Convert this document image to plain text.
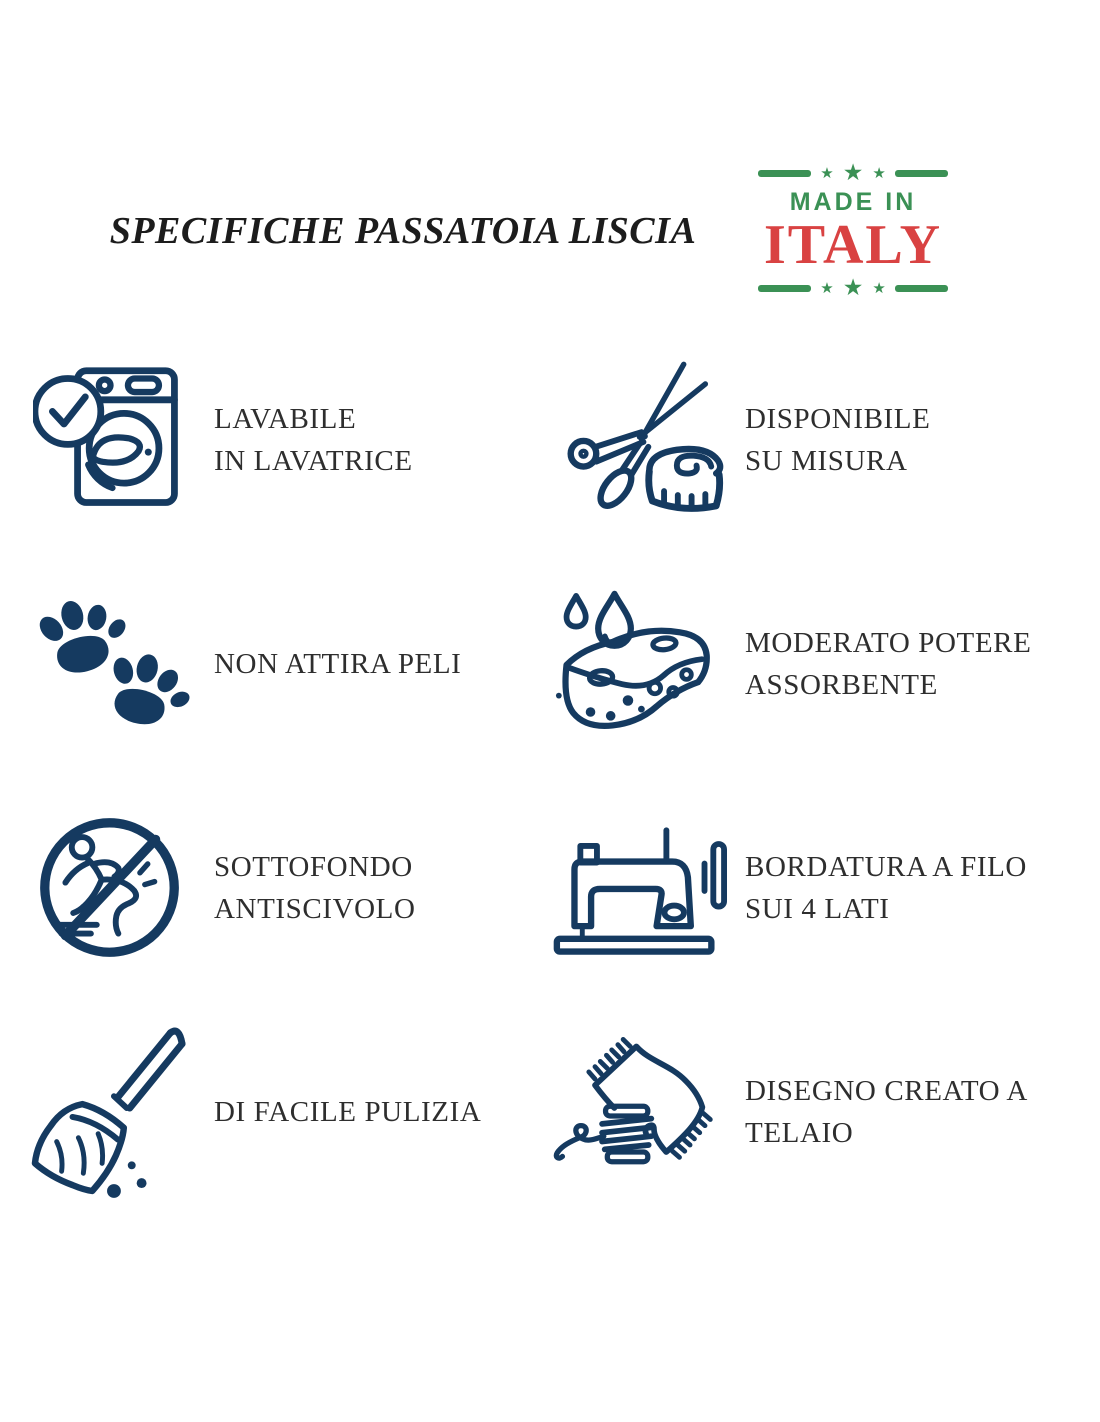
SPECIFICHE PASSATOIA LISCIA
★ ★ ★
MADE IN
ITALY
★ ★ ★
LAVABILE
IN LAVATRICE
DISPONIBILE
SU MISURA
NON ATTIRA PELI
MODERATO POTERE
ASSORBENTE
SOTTOFONDO
ANTISCIVOLO
BORDATURA A FILO
SUI 4 LATI
DI FACILE PULIZIA
DISEGNO CREATO A
TELAIO
